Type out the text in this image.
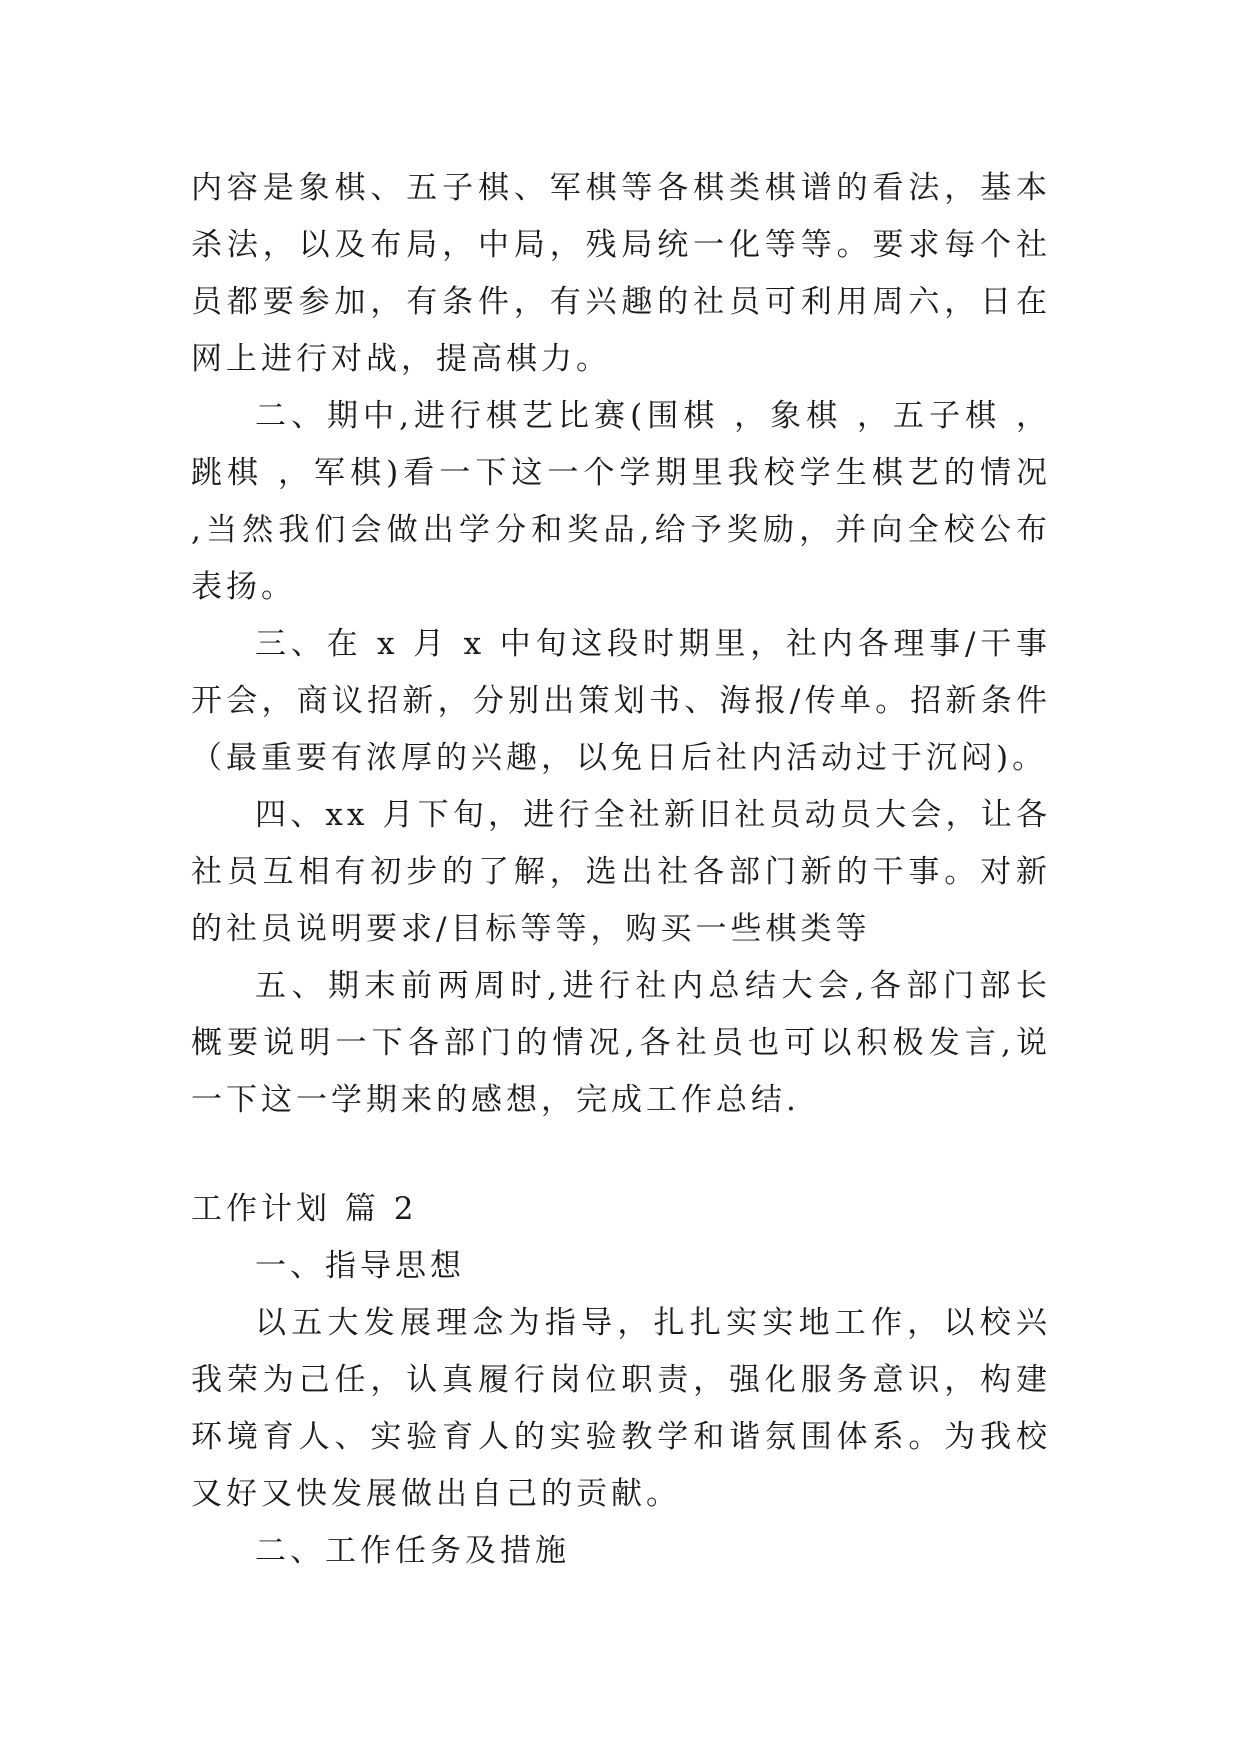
内容是象棋、五子棋、军棋等各棋类棋谱的看法，基本杀法，以及布局，中局，残局统一化等等。要求每个社员都要参加，有条件，有兴趣的社员可利用周六，日在网上进行对战，提高棋力。

二、期中,进行棋艺比赛(围棋 ，象棋 ，五子棋 ，跳棋 ，军棋)看一下这一个学期里我校学生棋艺的情况 ,当然我们会做出学分和奖品,给予奖励，并向全校公布表扬。

三、在 x 月 x 中旬这段时期里，社内各理事/干事开会，商议招新，分别出策划书、海报/传单。招新条件（最重要有浓厚的兴趣，以免日后社内活动过于沉闷)。

四、xx 月下旬，进行全社新旧社员动员大会，让各社员互相有初步的了解，选出社各部门新的干事。对新的社员说明要求/目标等等，购买一些棋类等

五、期末前两周时,进行社内总结大会,各部门部长概要说明一下各部门的情况,各社员也可以积极发言,说一下这一学期来的感想，完成工作总结.

工作计划 篇 2

一、指导思想

以五大发展理念为指导，扎扎实实地工作，以校兴我荣为己任，认真履行岗位职责，强化服务意识，构建环境育人、实验育人的实验教学和谐氛围体系。为我校又好又快发展做出自己的贡献。

二、工作任务及措施
